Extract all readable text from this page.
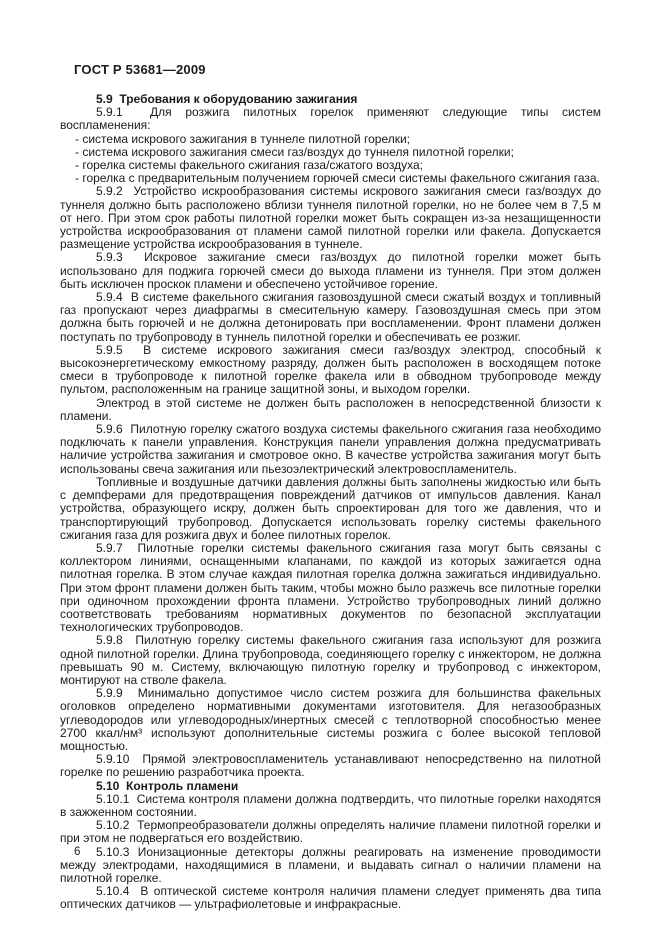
ГОСТ Р 53681—2009
5.9  Требования к оборудованию зажигания
5.9.1  Для розжига пилотных горелок применяют следующие типы систем воспламенения:
- система искрового зажигания в туннеле пилотной горелки;
- система искрового зажигания смеси газ/воздух до туннеля пилотной горелки;
- горелка системы факельного сжигания газа/сжатого воздуха;
- горелка с предварительным получением горючей смеси системы факельного сжигания газа.
5.9.2  Устройство искрообразования системы искрового зажигания смеси газ/воздух до туннеля должно быть расположено вблизи туннеля пилотной горелки, но не более чем в 7,5 м от него. При этом срок работы пилотной горелки может быть сокращен из-за незащищенности устройства искрообразования от пламени самой пилотной горелки или факела. Допускается размещение устройства искрообразования в туннеле.
5.9.3  Искровое зажигание смеси газ/воздух до пилотной горелки может быть использовано для поджига горючей смеси до выхода пламени из туннеля. При этом должен быть исключен проскок пламени и обеспечено устойчивое горение.
5.9.4  В системе факельного сжигания газовоздушной смеси сжатый воздух и топливный газ пропускают через диафрагмы в смесительную камеру. Газовоздушная смесь при этом должна быть горючей и не должна детонировать при воспламенении. Фронт пламени должен поступать по трубопроводу в туннель пилотной горелки и обеспечивать ее розжиг.
5.9.5  В системе искрового зажигания смеси газ/воздух электрод, способный к высокоэнергетическому емкостному разряду, должен быть расположен в восходящем потоке смеси в трубопроводе к пилотной горелке факела или в обводном трубопроводе между пультом, расположенным на границе защитной зоны, и выходом горелки.
Электрод в этой системе не должен быть расположен в непосредственной близости к пламени.
5.9.6  Пилотную горелку сжатого воздуха системы факельного сжигания газа необходимо подключать к панели управления. Конструкция панели управления должна предусматривать наличие устройства зажигания и смотровое окно. В качестве устройства зажигания могут быть использованы свеча зажигания или пьезоэлектрический электровоспламенитель.
Топливные и воздушные датчики давления должны быть заполнены жидкостью или быть с демпферами для предотвращения повреждений датчиков от импульсов давления. Канал устройства, образующего искру, должен быть спроектирован для того же давления, что и транспортирующий трубопровод. Допускается использовать горелку системы факельного сжигания газа для розжига двух и более пилотных горелок.
5.9.7  Пилотные горелки системы факельного сжигания газа могут быть связаны с коллектором линиями, оснащенными клапанами, по каждой из которых зажигается одна пилотная горелка. В этом случае каждая пилотная горелка должна зажигаться индивидуально. При этом фронт пламени должен быть таким, чтобы можно было разжечь все пилотные горелки при одиночном прохождении фронта пламени. Устройство трубопроводных линий должно соответствовать требованиям нормативных документов по безопасной эксплуатации технологических трубопроводов.
5.9.8  Пилотную горелку системы факельного сжигания газа используют для розжига одной пилотной горелки. Длина трубопровода, соединяющего горелку с инжектором, не должна превышать 90 м. Систему, включающую пилотную горелку и трубопровод с инжектором, монтируют на стволе факела.
5.9.9  Минимально допустимое число систем розжига для большинства факельных оголовков определено нормативными документами изготовителя. Для негазообразных углеводородов или углеводородных/инертных смесей с теплотворной способностью менее 2700 ккал/нм³ используют дополнительные системы розжига с более высокой тепловой мощностью.
5.9.10  Прямой электровоспламенитель устанавливают непосредственно на пилотной горелке по решению разработчика проекта.
5.10  Контроль пламени
5.10.1  Система контроля пламени должна подтвердить, что пилотные горелки находятся в зажженном состоянии.
5.10.2  Термопреобразователи должны определять наличие пламени пилотной горелки и при этом не подвергаться его воздействию.
5.10.3 Ионизационные детекторы должны реагировать на изменение проводимости между электродами, находящимися в пламени, и выдавать сигнал о наличии пламени на пилотной горелке.
5.10.4  В оптической системе контроля наличия пламени следует применять два типа оптических датчиков — ультрафиолетовые и инфракрасные.
6
